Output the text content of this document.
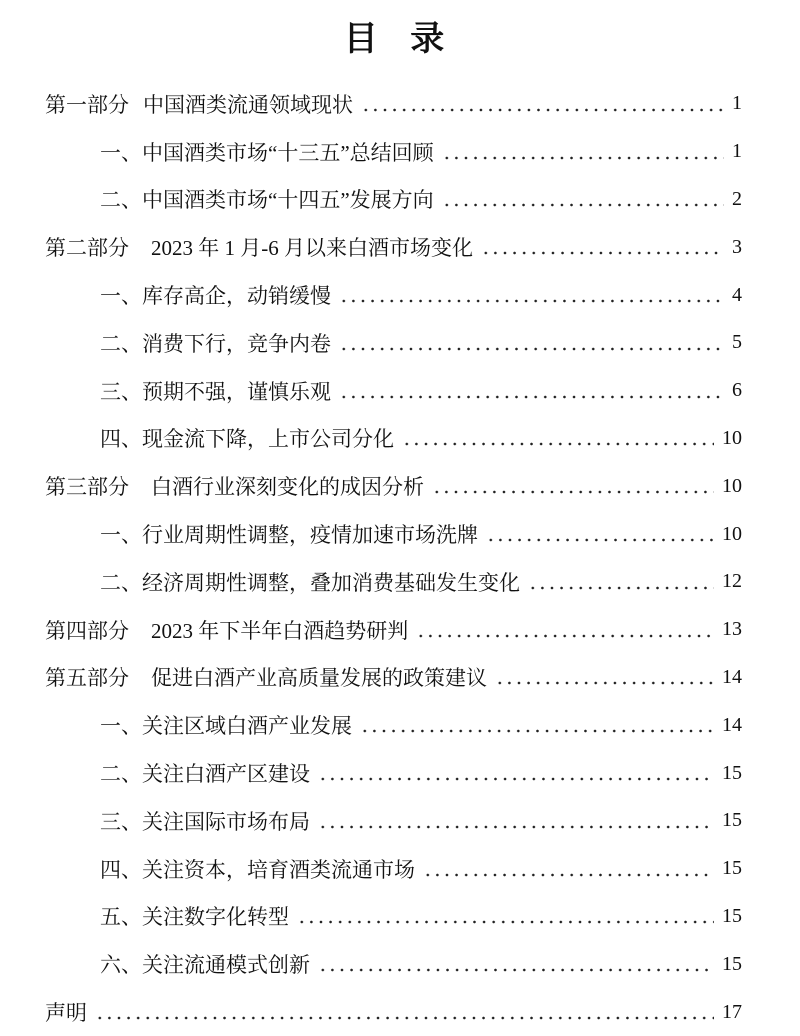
目 录
第一部分 中国酒类流通领域现状	1
一、中国酒类市场“十三五”总结回顾	1
二、中国酒类市场“十四五”发展方向	2
第二部分 2023 年 1 月-6 月以来白酒市场变化	3
一、库存高企，动销缓慢	4
二、消费下行，竞争内卷	5
三、预期不强，谨慎乐观	6
四、现金流下降，上市公司分化	10
第三部分 白酒行业深刻变化的成因分析	10
一、行业周期性调整，疫情加速市场洗牌	10
二、经济周期性调整，叠加消费基础发生变化	12
第四部分 2023 年下半年白酒趋势研判	13
第五部分 促进白酒产业高质量发展的政策建议	14
一、关注区域白酒产业发展	14
二、关注白酒产区建设	15
三、关注国际市场布局	15
四、关注资本，培育酒类流通市场	15
五、关注数字化转型	15
六、关注流通模式创新	15
声明	17
